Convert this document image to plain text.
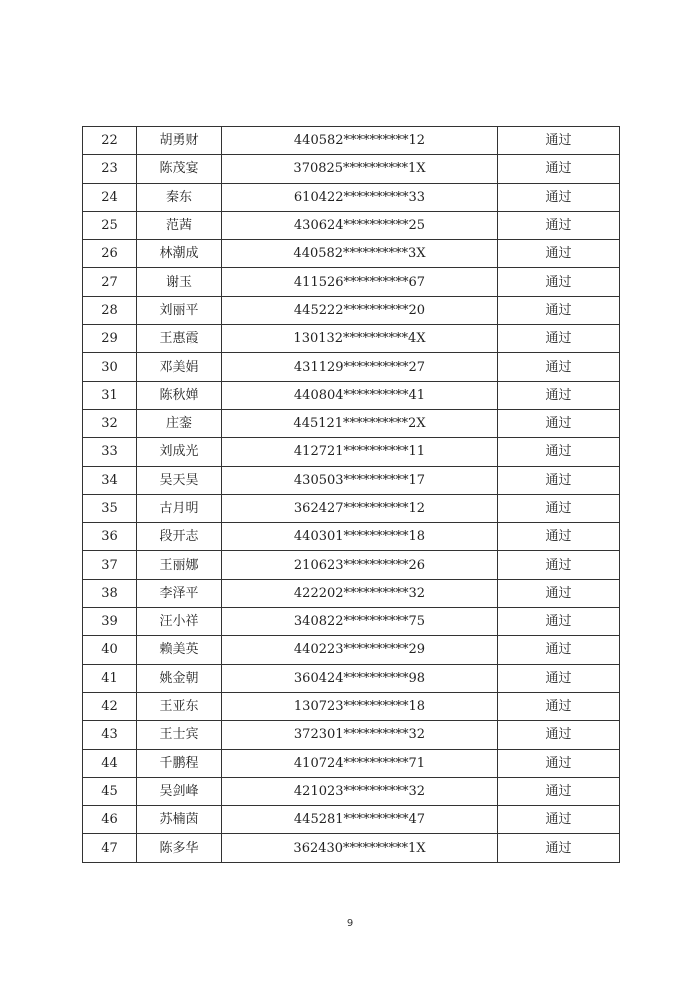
22	胡勇财	440582**********12	通过
23	陈茂宴	370825**********1X	通过
24	秦东	610422**********33	通过
25	范茜	430624**********25	通过
26	林潮成	440582**********3X	通过
27	谢玉	411526**********67	通过
28	刘丽平	445222**********20	通过
29	王惠霞	130132**********4X	通过
30	邓美娟	431129**********27	通过
31	陈秋婵	440804**********41	通过
32	庄銮	445121**********2X	通过
33	刘成光	412721**********11	通过
34	吴天昊	430503**********17	通过
35	古月明	362427**********12	通过
36	段开志	440301**********18	通过
37	王丽娜	210623**********26	通过
38	李泽平	422202**********32	通过
39	汪小祥	340822**********75	通过
40	赖美英	440223**********29	通过
41	姚金朝	360424**********98	通过
42	王亚东	130723**********18	通过
43	王士宾	372301**********32	通过
44	千鹏程	410724**********71	通过
45	吴剑峰	421023**********32	通过
46	苏楠茵	445281**********47	通过
47	陈多华	362430**********1X	通过
9
